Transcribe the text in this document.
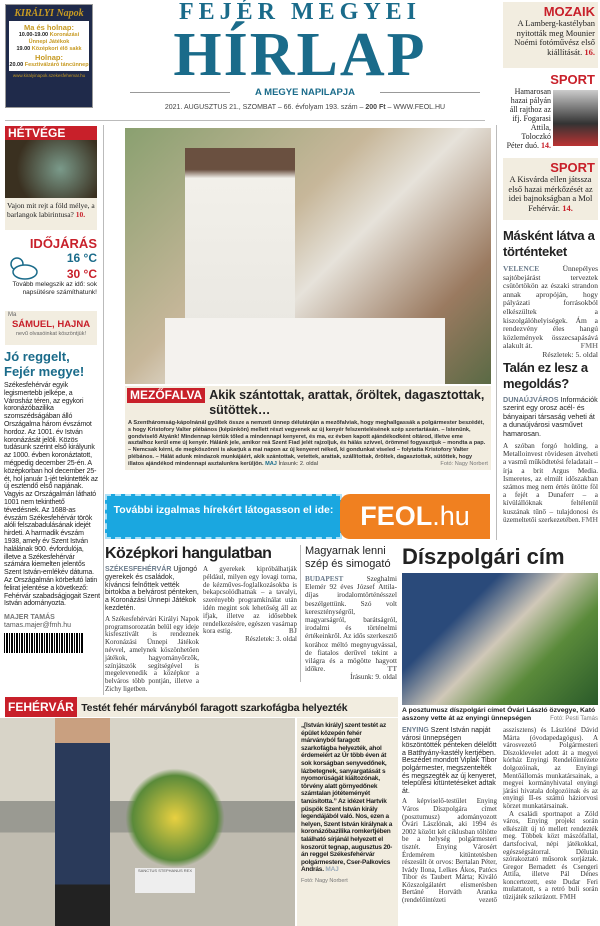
KIRÁLYI Napok
Ma és holnap:
10.00-19.00 Koronázási Ünnepi Játékok
19.00 Középkori élő sakk
Holnap:
20.00 Fesztiválzáró táncünnep
www.kiralyinapok.szekesfehervar.hu
FEJÉR MEGYEI
HÍRLAP
A MEGYE NAPILAPJA
2021. AUGUSZTUS 21., SZOMBAT – 66. évfolyam 193. szám – 200 Ft – WWW.FEOL.HU
MOZAIK
A Lamberg-kastélyban nyitották meg Mounier Noémi fotóművész első kiállítását. 16.
SPORT
Hamarosan hazai pályán áll rajthoz az ifj. Fogarasi Attila, Toloczkó Péter duó. 14.
SPORT
A Kisvárda ellen játssza első hazai mérkőzését az idei bajnokságban a Mol Fehérvár. 14.
Másként látva a történteket
VELENCE	Ünnepélyes sajtóbejárást terveztek csütörtökön az északi strandon annak apropóján, hogy pályázati forrásokból elkészültek a kiszolgálóhelyiségek. Ám a rendezvény éles hangú közlemények összecsapásává alakult át.	FMH
Részletek: 5. oldal
Talán ez lesz a megoldás?
DUNAÚJVÁROS Információk szerint egy orosz acél- és bányaipari társaság veheti át a dunaújvárosi vasművet hamarosan.
A szóban forgó holding, a Metalloinvest rövidesen átveheti a vasmű működtetési feladatait – írja a brit Argus Media. Ismeretes, az elmúlt időszakban számos meg nem értés ütötte föl a fejét a Dunaferr – a kívülállóknak feltélenül kuszának tűnő – tulajdonosi és üzemeltetői szerkezetében. FMH
HÉTVÉGE
Vajon mit rejt a föld mélye, a barlangok labirintusa? 10.
IDŐJÁRÁS
16 °C
30 °C
Tovább melegszik az idő: sok napsütésre számíthatunk!
Ma
SÁMUEL, HAJNA
nevű olvasóinkat köszöntjük!
Jó reggelt, Fejér megye!
Székesfehérvár egyik legismertebb jelképe, a Városház téren, az egykori koronázóbazilika szomszédságában álló Országalma három évszámot hordoz. Az 1001. év István koronázását jelöli. Közös tudásunk szerint első királyunk az 1000. évben koronáztatott, mégpedig december 25-én. A középkorban hol december 25-ét, hol január 1-jét tekintették az új esztendő első napjának. Vagyis az Országalmán látható 1001 nem tekinthető tévedésnek. Az 1688-as évszám Székesfehérvár török alóli felszabadulásának idejét hirdeti. A harmadik évszám 1938, amely év Szent István halálának 900. évfordulója, illetve a Székesfehérvár számára kiemelten jelentős Szent István-emlékév dátuma. Az Országalmán körbefutó latin felirat jelentése a következő: Fehérvár szabadságjogait Szent István adományozta.
MAJER TAMÁS
tamas.majer@fmh.hu
MEZŐFALVA Akik szántottak, arattak, őröltek, dagasztottak, sütöttek…
A Szentháromság-kápolnánál gyűltek össze a nemzeti ünnep délutánján a mezőfalviak, hogy meghallgassák a polgármester beszédét, s hogy Kristofory Valter plébános (képünkön) mellett részt vegyenek az új kenyér felszentelésének szép szertartásán. – Istenünk, gondviselő Atyánk! Mindennap kértük tőled a mindennapi kenyeret, és ma, ez évben kapott ajándékodként oltárod, illetve eme asztalhoz kerül eme új kenyér. Hálánk jele, amikor reá Szent Fiad jelét rajzoljuk, és hálás szívvel, örömmel fogyasztjuk – mondta a pap. – Nemcsak kérni, de megköszönni is akarjuk a mai napon az új kenyeret néked, ki gondunkat viseled – folytatta Kristofory Valter plébános. – Hálát adunk mindazok munkájáért, akik szántottak, vetettek, arattak, szállítottak, őröltek, dagasztottak, sütöttek, hogy illatos ajándékod mindennapi asztalunkra kerüljön. MAJ Írásunk: 2. oldal	Fotó: Nagy Norbert
További izgalmas hírekért látogasson el ide: FEOL.hu
Középkori hangulatban
SZÉKESFEHÉRVÁR Ujjongó gyerekek és családok, kíváncsi felnőttek vették birtokba a belvárost pénteken, a Koronázási Ünnepi Játékok kezdetén.
A Székesfehérvári Királyi Napok programsorozatán belül egy ideje kisfesztivált is rendeznek Koronázási Ünnepi Játékok névvel, amelynek köszönhetően játékok, hagyományőrzők, színjátszók segítségével is megelevenedik a középkor a belváros több pontján, illetve a Zichy ligetben.
A gyerekek kipróbálhatják például, milyen egy lovagi torna, de kézműves-foglalkozásokba is bekapcsolódhatnak – a tavalyi, szerényebb programkínálat után idén megint sok lehetőség áll az ifjak, illetve az idősebbek rendelkezésére, egészen vasárnap kora estig.	BJ
Részletek: 3. oldal
Magyarnak lenni szép és simogató
BUDAPEST	Szeghalmi Elemér 92 éves József Attila-díjas irodalomtörténésszel beszélgettünk. Szó volt kereszténységről, magyarságról, barátságról, irodalmi és történelmi értékeinkről. Az idős szerkesztő korához méltó megnyugvással, de fiatalos derűvel tekint a világra és a mögötte hagyott időkre.	TT
Írásunk: 9. oldal
Díszpolgári cím
A posztumusz díszpolgári címet Óvári László özvegye, Kató asszony vette át az enyingi ünnepségen	Fotó: Pesti Tamás
ENYING Szent István napját városi ünnepségen köszöntötték pénteken délelőtt a Batthyány-kastély kertjében. Beszédet mondott Viplak Tibor polgármester, megszentelték és megszegték az új kenyeret, települési kitüntetéseket adtak át.
A képviselő-testület Enying Város Díszpolgára címet (posztumusz) adományozott Óvári Lászlónak, aki 1994 és 2002 között két ciklusban töltötte be a helység polgármesteri tisztét. Enying Városért Érdemérem kitüntetésben részesült öt orvos: Bertalan Péter, Ivády Ilona, Lelkes Ákos, Patócs Tibor és Taubert Márta; Kiváló Közszolgálatért elismerésben Bertáné Horváth Aranka (rendelőintézeti vezető asszisztens) és Lászlóné Dávid Márta (óvodapedagógus). A városvezető Polgármesteri Díszoklevelet adott át a megyei kórház Enyingi Rendelőintézete dolgozóinak, az Enyingi Mentőállomás munkatársainak, a megyei kormányhivatal enyingi járási hivatala dolgozóinak és az enyingi II-es számú háziorvosi körzet munkatársainak.
A családi sportnapot a Zöld város, Enying projekt során elkészült új tó mellett rendezték meg. Többek közt mászófallal, dartsfocival, népi játékokkal, egészségsátorral. Délután szórakoztató műsorok sorjáztak. Gregor Bernadett és Csengeri Attila, illetve Pál Dénes koncertezett, este Dudar Feri mulattatott, s a retró buli során tűzijáték szikrázott. FMH
FEHÉRVÁR Testét fehér márványból faragott szarkofágba helyezték
SANCTUS STEPHANUS REX
„[István király] szent testét az épület közepén fehér márványból faragott szarkofágba helyezték, ahol érdemeiért az Úr több éven át sok korságban senyvedőnek, lázbetegnek, sanyargatását s nyomorúságát kiáltozónak, törvény alatt görnyedőnek számtalan jótéteményét tanúsította.” Az idézet Hartvik püspök Szent István király legendájából való. Nos, ezen a helyen, Szent István királynak a koronázóbazilika romkertjében található sírjánál helyezett el koszorút tegnap, augusztus 20-án reggel Székesfehérvár polgármestere, Cser-Palkovics András. MAJ
Fotó: Nagy Norbert
